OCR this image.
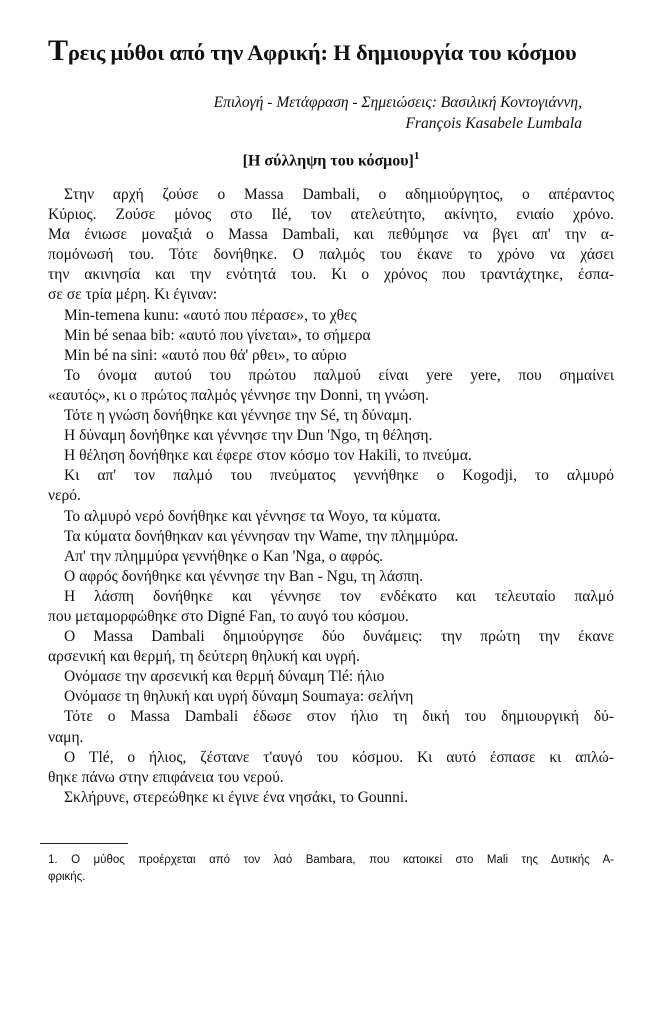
Τρεις μύθοι από την Αφρική: Η δημιουργία του κόσμου
Επιλογή - Μετάφραση - Σημειώσεις: Βασιλική Κοντογιάννη,
François Kasabele Lumbala
[Η σύλληψη του κόσμου]$^1$
Στην αρχή ζούσε ο Massa Dambali, ο αδημιούργητος, ο απέραντος
Κύριος. Ζούσε μόνος στο Ilé, τον ατελεύτητο, ακίνητο, ενιαίο χρόνο.
Μα ένιωσε μοναξιά ο Massa Dambali, και πεθύμησε να βγει απ' την α-
πομόνωσή του. Τότε δονήθηκε. Ο παλμός του έκανε το χρόνο να χάσει
την ακινησία και την ενότητά του. Κι ο χρόνος που τραντάχτηκε, έσπα-
σε σε τρία μέρη. Κι έγιναν:
Min-temena kunu: «αυτό που πέρασε», το χθες
Min bé senaa bib: «αυτό που γίνεται», το σήμερα
Min bé na sini: «αυτό που θά' ρθει», το αύριο
Το όνομα αυτού του πρώτου παλμού είναι yere yere, που σημαίνει
«εαυτός», κι ο πρώτος παλμός γέννησε την Donni, τη γνώση.
Τότε η γνώση δονήθηκε και γέννησε την Sé, τη δύναμη.
Η δύναμη δονήθηκε και γέννησε την Dun 'Ngo, τη θέληση.
Η θέληση δονήθηκε και έφερε στον κόσμο τον Hakili, το πνεύμα.
Κι απ' τον παλμό του πνεύματος γεννήθηκε ο Kogodji, το αλμυρό
νερό.
Το αλμυρό νερό δονήθηκε και γέννησε τα Woyo, τα κύματα.
Τα κύματα δονήθηκαν και γέννησαν την Wame, την πλημμύρα.
Απ' την πλημμύρα γεννήθηκε ο Kan 'Nga, ο αφρός.
Ο αφρός δονήθηκε και γέννησε την Ban - Ngu, τη λάσπη.
Η λάσπη δονήθηκε και γέννησε τον ενδέκατο και τελευταίο παλμό
που μεταμορφώθηκε στο Digné Fan, το αυγό του κόσμου.
Ο Massa Dambali δημιούργησε δύο δυνάμεις: την πρώτη την έκανε
αρσενική και θερμή, τη δεύτερη θηλυκή και υγρή.
Ονόμασε την αρσενική και θερμή δύναμη Tlé: ήλιο
Ονόμασε τη θηλυκή και υγρή δύναμη Soumaya: σελήνη
Τότε ο Massa Dambali έδωσε στον ήλιο τη δική του δημιουργική δύ-
ναμη.
Ο Tlé, ο ήλιος, ζέστανε τ'αυγό του κόσμου. Κι αυτό έσπασε κι απλώ-
θηκε πάνω στην επιφάνεια του νερού.
Σκλήρυνε, στερεώθηκε κι έγινε ένα νησάκι, το Gounni.
1. Ο μύθος προέρχεται από τον λαό Bambara, που κατοικεί στο Mali της Δυτικής Α-
φρικής.
